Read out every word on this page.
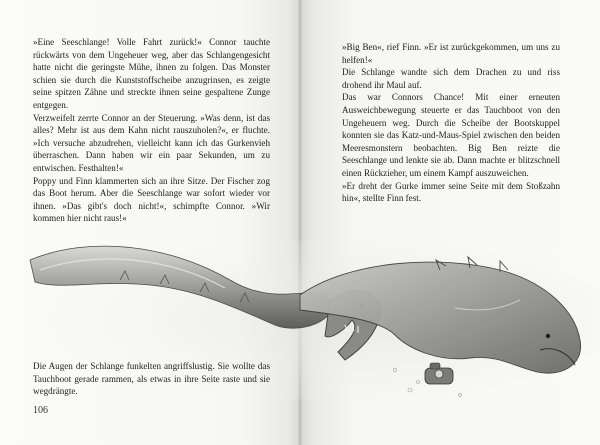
»Eine Seeschlange! Volle Fahrt zurück!« Connor tauchte rückwärts von dem Ungeheuer weg, aber das Schlangengesicht hatte nicht die geringste Mühe, ihnen zu folgen. Das Monster schien sie durch die Kunststoffscheibe anzugrinsen, es zeigte seine spitzen Zähne und streckte ihnen seine gespaltene Zunge entgegen.

Verzweifelt zerrte Connor an der Steuerung. »Was denn, ist das alles? Mehr ist aus dem Kahn nicht rauszuholen?«, er fluchte. »Ich versuche abzudrehen, vielleicht kann ich das Gurkenvieh überraschen. Dann haben wir ein paar Sekunden, um zu entwischen. Festhalten!«

Poppy und Finn klammerten sich an ihre Sitze. Der Fischer zog das Boot herum. Aber die Seeschlange war sofort wieder vor ihnen. »Das gibt's doch nicht!«, schimpfte Connor. »Wir kommen hier nicht raus!«

»Big Ben«, rief Finn. »Er ist zurückgekommen, um uns zu helfen!«

Die Schlange wandte sich dem Drachen zu und riss drohend ihr Maul auf.

Das war Connors Chance! Mit einer erneuten Ausweichbewegung steuerte er das Tauchboot von den Ungeheuern weg. Durch die Scheibe der Bootskuppel konnten sie das Katz-und-Maus-Spiel zwischen den beiden Meeresmonstern beobachten. Big Ben reizte die Seeschlange und lenkte sie ab. Dann machte er blitzschnell einen Rückzieher, um einem Kampf auszuweichen.

»Er dreht der Gurke immer seine Seite mit dem Stoßzahn hin«, stellte Finn fest.

Die Augen der Schlange funkelten angriffslustig. Sie wollte das Tauchboot gerade rammen, als etwas in ihre Seite raste und sie wegdrängte.

106
